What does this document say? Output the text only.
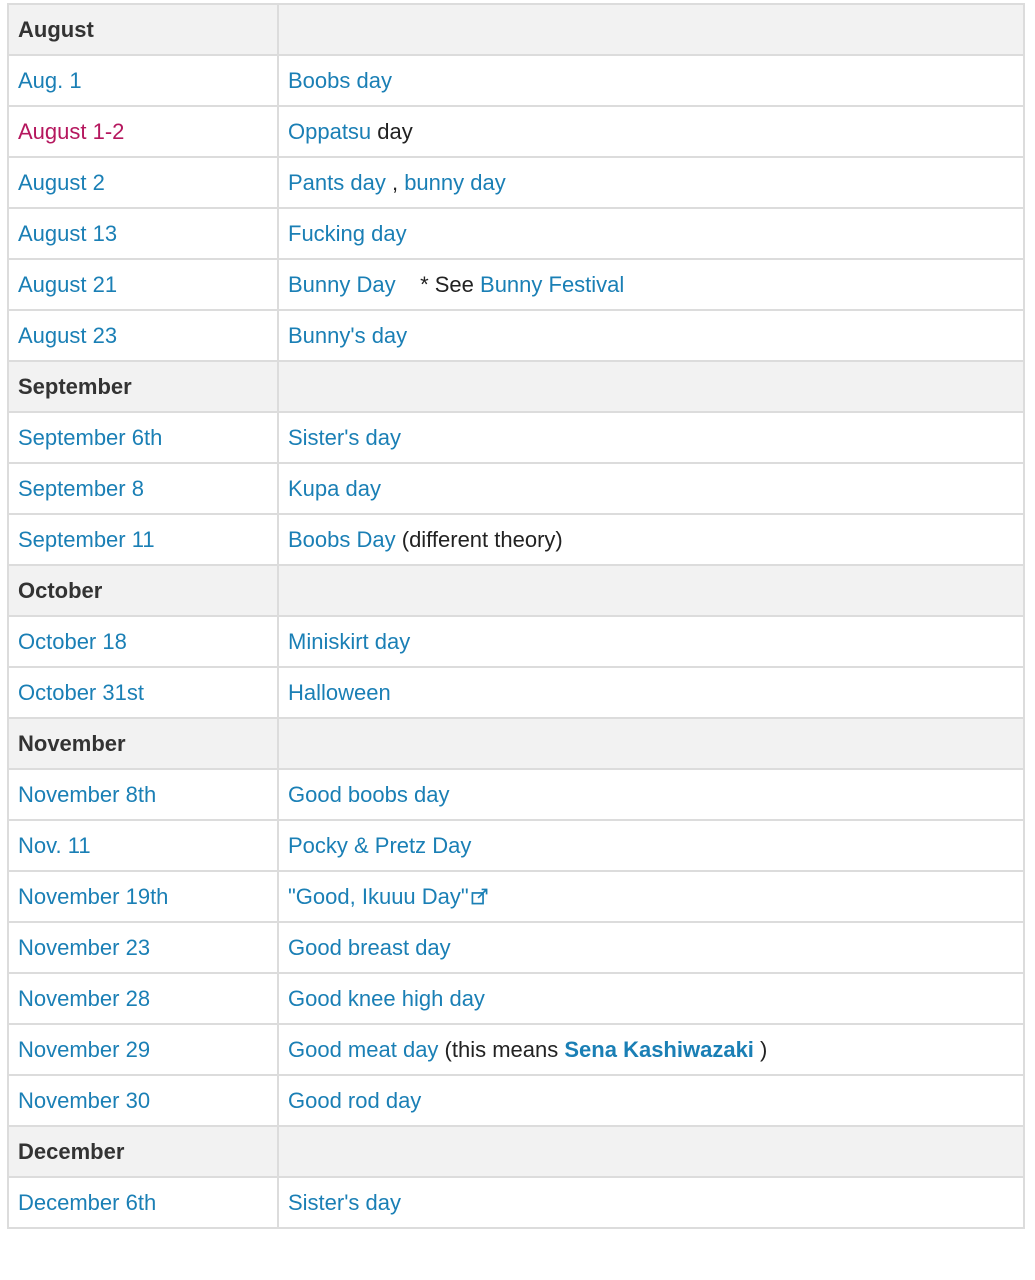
August	
Aug. 1	Boobs day
August 1-2	Oppatsu day
August 2	Pants day , bunny day
August 13	Fucking day
August 21	Bunny Day    * See Bunny Festival
August 23	Bunny's day
September	
September 6th	Sister's day
September 8	Kupa day
September 11	Boobs Day (different theory)
October	
October 18	Miniskirt day
October 31st	Halloween
November	
November 8th	Good boobs day
Nov. 11	Pocky & Pretz Day
November 19th	"Good, Ikuuu Day"
November 23	Good breast day
November 28	Good knee high day
November 29	Good meat day (this means Sena Kashiwazaki )
November 30	Good rod day
December	
December 6th	Sister's day
